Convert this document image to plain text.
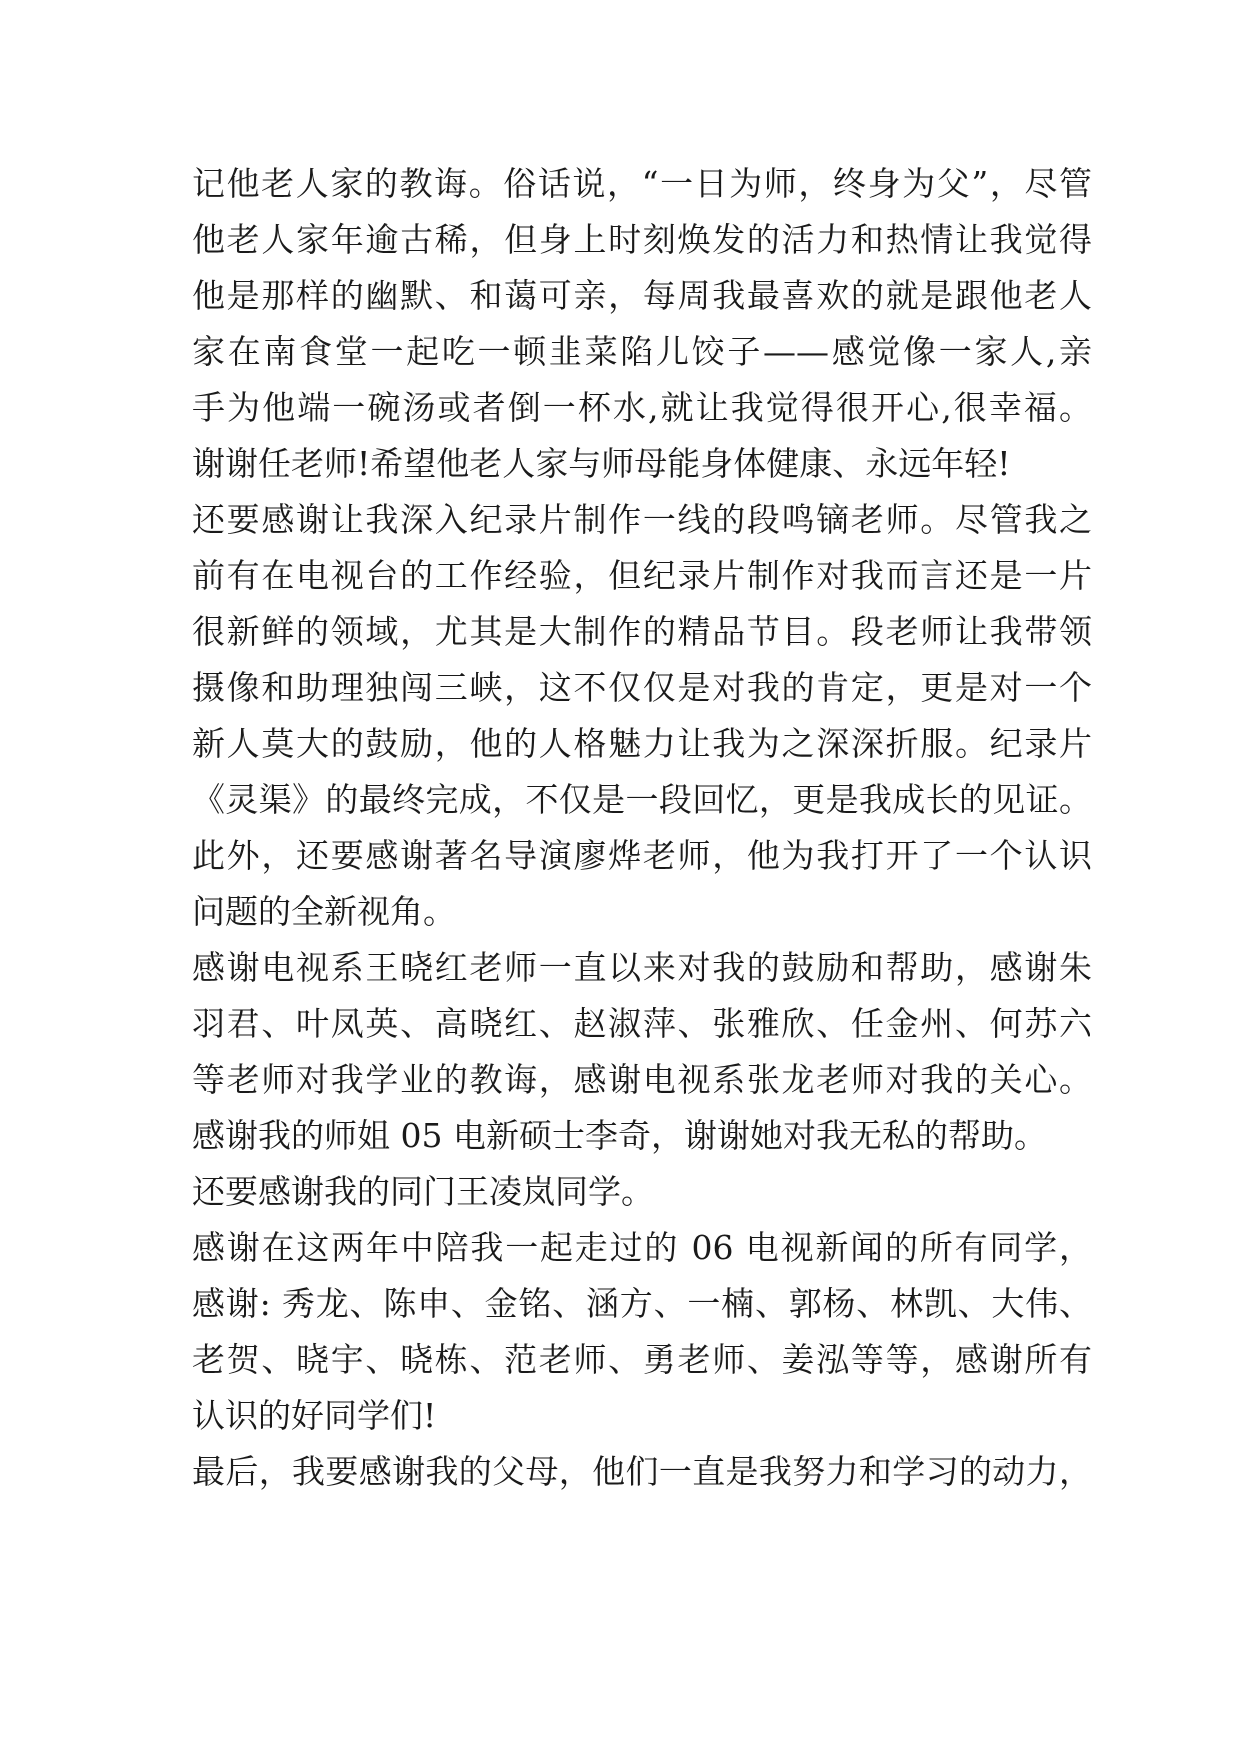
记他老人家的教诲。俗话说，“一日为师，终身为父”，尽管
他老人家年逾古稀，但身上时刻焕发的活力和热情让我觉得
他是那样的幽默、和蔼可亲，每周我最喜欢的就是跟他老人
家在南食堂一起吃一顿韭菜陷儿饺子——感觉像一家人,亲
手为他端一碗汤或者倒一杯水,就让我觉得很开心,很幸福。
谢谢任老师!希望他老人家与师母能身体健康、永远年轻!
还要感谢让我深入纪录片制作一线的段鸣镝老师。尽管我之
前有在电视台的工作经验，但纪录片制作对我而言还是一片
很新鲜的领域，尤其是大制作的精品节目。段老师让我带领
摄像和助理独闯三峡，这不仅仅是对我的肯定，更是对一个
新人莫大的鼓励，他的人格魅力让我为之深深折服。纪录片
《灵渠》的最终完成，不仅是一段回忆，更是我成长的见证。
此外，还要感谢著名导演廖烨老师，他为我打开了一个认识
问题的全新视角。
感谢电视系王晓红老师一直以来对我的鼓励和帮助，感谢朱
羽君、叶凤英、高晓红、赵淑萍、张雅欣、任金州、何苏六
等老师对我学业的教诲，感谢电视系张龙老师对我的关心。
感谢我的师姐 05 电新硕士李奇，谢谢她对我无私的帮助。
还要感谢我的同门王凌岚同学。
感谢在这两年中陪我一起走过的 06 电视新闻的所有同学，
感谢: 秀龙、陈申、金铭、涵方、一楠、郭杨、林凯、大伟、
老贺、晓宇、晓栋、范老师、勇老师、姜泓等等，感谢所有
认识的好同学们!
最后，我要感谢我的父母，他们一直是我努力和学习的动力，
